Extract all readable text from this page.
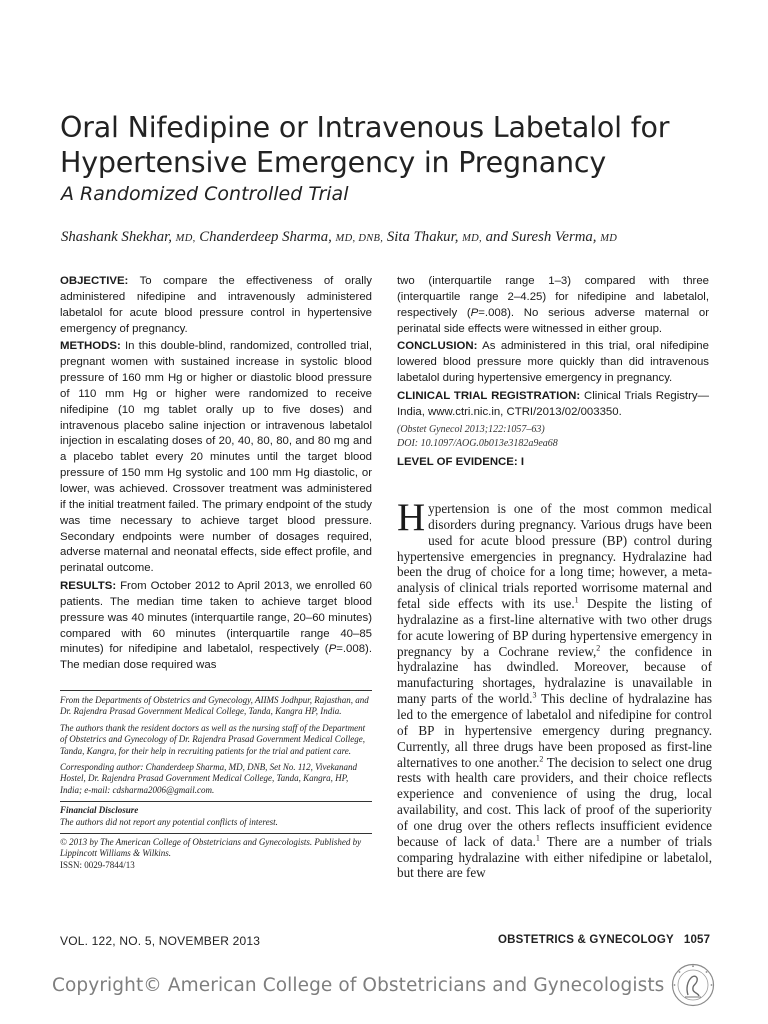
Oral Nifedipine or Intravenous Labetalol for Hypertensive Emergency in Pregnancy
A Randomized Controlled Trial
Shashank Shekhar, MD, Chanderdeep Sharma, MD, DNB, Sita Thakur, MD, and Suresh Verma, MD

OBJECTIVE: To compare the effectiveness of orally administered nifedipine and intravenously administered labetalol for acute blood pressure control in hypertensive emergency of pregnancy.

METHODS: In this double-blind, randomized, controlled trial, pregnant women with sustained increase in systolic blood pressure of 160 mm Hg or higher or diastolic blood pressure of 110 mm Hg or higher were randomized to receive nifedipine (10 mg tablet orally up to five doses) and intravenous placebo saline injection or intravenous labetalol injection in escalating doses of 20, 40, 80, 80, and 80 mg and a placebo tablet every 20 minutes until the target blood pressure of 150 mm Hg systolic and 100 mm Hg diastolic, or lower, was achieved. Crossover treatment was administered if the initial treatment failed. The primary endpoint of the study was time necessary to achieve target blood pressure. Secondary endpoints were number of dosages required, adverse maternal and neonatal effects, side effect profile, and perinatal outcome.

RESULTS: From October 2012 to April 2013, we enrolled 60 patients. The median time taken to achieve target blood pressure was 40 minutes (interquartile range, 20–60 minutes) compared with 60 minutes (interquartile range 40–85 minutes) for nifedipine and labetalol, respectively (P=.008). The median dose required was

two (interquartile range 1–3) compared with three (interquartile range 2–4.25) for nifedipine and labetalol, respectively (P=.008). No serious adverse maternal or perinatal side effects were witnessed in either group.

CONCLUSION: As administered in this trial, oral nifedipine lowered blood pressure more quickly than did intravenous labetalol during hypertensive emergency in pregnancy.

CLINICAL TRIAL REGISTRATION: Clinical Trials Registry—India, www.ctri.nic.in, CTRI/2013/02/003350.

(Obstet Gynecol 2013;122:1057–63)

DOI: 10.1097/AOG.0b013e3182a9ea68

LEVEL OF EVIDENCE: I

From the Departments of Obstetrics and Gynecology, AIIMS Jodhpur, Rajasthan, and Dr. Rajendra Prasad Government Medical College, Tanda, Kangra HP, India.

The authors thank the resident doctors as well as the nursing staff of the Department of Obstetrics and Gynecology of Dr. Rajendra Prasad Government Medical College, Tanda, Kangra, for their help in recruiting patients for the trial and patient care.

Corresponding author: Chanderdeep Sharma, MD, DNB, Set No. 112, Vivekanand Hostel, Dr. Rajendra Prasad Government Medical College, Tanda, Kangra, HP, India; e-mail: cdsharma2006@gmail.com.

Financial Disclosure

The authors did not report any potential conflicts of interest.

© 2013 by The American College of Obstetricians and Gynecologists. Published by Lippincott Williams & Wilkins.

ISSN: 0029-7844/13

Hypertension is one of the most common medical disorders during pregnancy. Various drugs have been used for acute blood pressure (BP) control during hypertensive emergencies in pregnancy. Hydralazine had been the drug of choice for a long time; however, a meta-analysis of clinical trials reported worrisome maternal and fetal side effects with its use.$^1$ Despite the listing of hydralazine as a first-line alternative with two other drugs for acute lowering of BP during hypertensive emergency in pregnancy by a Cochrane review,$^2$ the confidence in hydralazine has dwindled. Moreover, because of manufacturing shortages, hydralazine is unavailable in many parts of the world.$^3$ This decline of hydralazine has led to the emergence of labetalol and nifedipine for control of BP in hypertensive emergency during pregnancy. Currently, all three drugs have been proposed as first-line alternatives to one another.$^2$ The decision to select one drug rests with health care providers, and their choice reflects experience and convenience of using the drug, local availability, and cost. This lack of proof of the superiority of one drug over the others reflects insufficient evidence because of lack of data.$^1$ There are a number of trials comparing hydralazine with either nifedipine or labetalol, but there are few
VOL. 122, NO. 5, NOVEMBER 2013	OBSTETRICS & GYNECOLOGY 1057
Copyright© American College of Obstetricians and Gynecologists
